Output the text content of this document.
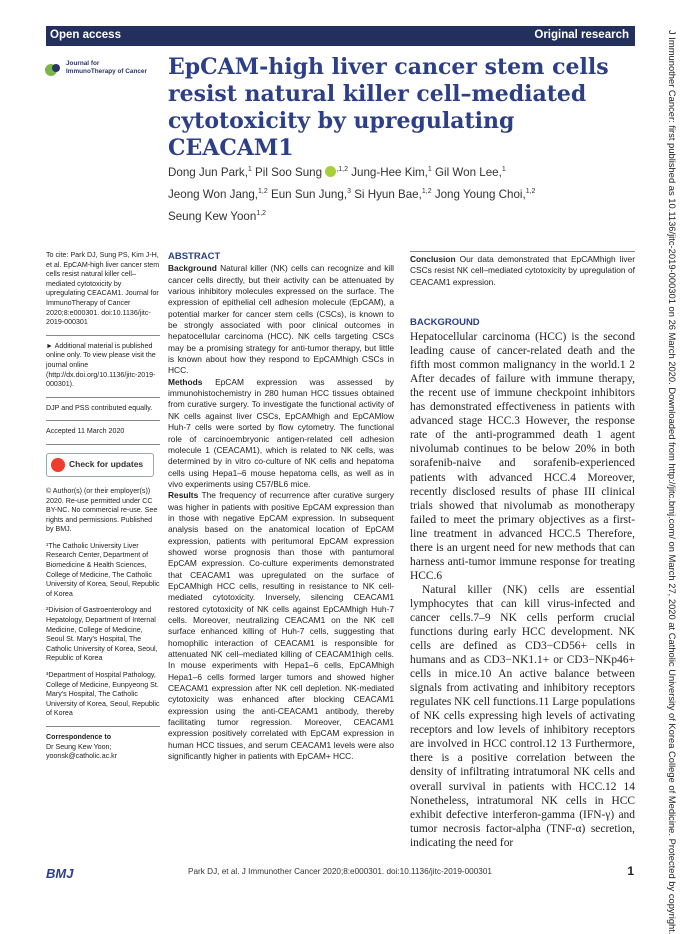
Open access	Original research
Journal for
ImmunoTherapy of Cancer EpCAM-high liver cancer stem cells resist natural killer cell–mediated cytotoxicity by upregulating CEACAM1
Dong Jun Park,$^1$ Pil Soo Sung $^{,1,2}$ Jung-Hee Kim,$^1$ Gil Won Lee,$^1$
Jeong Won Jang,$^{1,2}$ Eun Sun Jung,$^3$ Si Hyun Bae,$^{1,2}$ Jong Young Choi,$^{1,2}$
Seung Kew Yoon$^{1,2}$

To cite: Park DJ, Sung PS, Kim J-H, et al. EpCAM-high liver cancer stem cells resist natural killer cell–mediated cytotoxicity by upregulating CEACAM1. Journal for ImmunoTherapy of Cancer 2020;8:e000301. doi:10.1136/jitc-2019-000301

► Additional material is published online only. To view please visit the journal online (http://dx.doi.org/10.1136/jitc-2019-000301).

DJP and PSS contributed equally.

Accepted 11 March 2020

Check for updates

© Author(s) (or their employer(s)) 2020. Re-use permitted under CC BY-NC. No commercial re-use. See rights and permissions. Published by BMJ.

¹The Catholic University Liver Research Center, Department of Biomedicine & Health Sciences, College of Medicine, The Catholic University of Korea, Seoul, Republic of Korea

²Division of Gastroenterology and Hepatology, Department of Internal Medicine, College of Medicine, Seoul St. Mary's Hospital, The Catholic University of Korea, Seoul, Republic of Korea

³Department of Hospital Pathology, College of Medicine, Eunpyeong St. Mary's Hospital, The Catholic University of Korea, Seoul, Republic of Korea

Correspondence to

Dr Seung Kew Yoon; yoonsk@catholic.ac.kr

ABSTRACT

Background Natural killer (NK) cells can recognize and kill cancer cells directly, but their activity can be attenuated by various inhibitory molecules expressed on the surface. The expression of epithelial cell adhesion molecule (EpCAM), a potential marker for cancer stem cells (CSCs), is known to be strongly associated with poor clinical outcomes in hepatocellular carcinoma (HCC). NK cells targeting CSCs may be a promising strategy for anti-tumor therapy, but little is known about how they respond to EpCAMhigh CSCs in HCC.

Methods EpCAM expression was assessed by immunohistochemistry in 280 human HCC tissues obtained from curative surgery. To investigate the functional activity of NK cells against liver CSCs, EpCAMhigh and EpCAMlow Huh-7 cells were sorted by flow cytometry. The functional role of carcinoembryonic antigen-related cell adhesion molecule 1 (CEACAM1), which is related to NK cells, was determined by in vitro co-culture of NK cells and hepatoma cells using Hepa1–6 mouse hepatoma cells, as well as in vivo experiments using C57/BL6 mice.

Results The frequency of recurrence after curative surgery was higher in patients with positive EpCAM expression than in those with negative EpCAM expression. In subsequent analysis based on the anatomical location of EpCAM expression, patients with peritumoral EpCAM expression showed worse prognosis than those with pantumoral EpCAM expression. Co-culture experiments demonstrated that CEACAM1 was upregulated on the surface of EpCAMhigh HCC cells, resulting in resistance to NK cell-mediated cytotoxicity. Inversely, silencing CEACAM1 restored cytotoxicity of NK cells against EpCAMhigh Huh-7 cells. Moreover, neutralizing CEACAM1 on the NK cell surface enhanced killing of Huh-7 cells, suggesting that homophilic interaction of CEACAM1 is responsible for attenuated NK cell–mediated killing of CEACAM1high cells. In mouse experiments with Hepa1–6 cells, EpCAMhigh Hepa1–6 cells formed larger tumors and showed higher CEACAM1 expression after NK cell depletion. NK-mediated cytotoxicity was enhanced after blocking CEACAM1 expression using the anti-CEACAM1 antibody, thereby facilitating tumor regression. Moreover, CEACAM1 expression positively correlated with EpCAM expression in human HCC tissues, and serum CEACAM1 levels were also significantly higher in patients with EpCAM+ HCC.

Conclusion Our data demonstrated that EpCAMhigh liver CSCs resist NK cell–mediated cytotoxicity by upregulation of CEACAM1 expression.
BACKGROUND

Hepatocellular carcinoma (HCC) is the second leading cause of cancer-related death and the fifth most common malignancy in the world.1 2 After decades of failure with immune therapy, the recent use of immune checkpoint inhibitors has demonstrated effectiveness in patients with advanced stage HCC.3 However, the response rate of the anti-programmed death 1 agent nivolumab continues to be below 20% in both sorafenib-naive and sorafenib-experienced patients with advanced HCC.4 Moreover, recently disclosed results of phase III clinical trials showed that nivolumab as monotherapy failed to meet the primary objectives as a first-line treatment in advanced HCC.5 Therefore, there is an urgent need for new methods that can harness anti-tumor immune response for treating HCC.6

Natural killer (NK) cells are essential lymphocytes that can kill virus-infected and cancer cells.7–9 NK cells perform crucial functions during early HCC development. NK cells are defined as CD3−CD56+ cells in humans and as CD3−NK1.1+ or CD3−NKp46+ cells in mice.10 An active balance between signals from activating and inhibitory receptors regulates NK cell functions.11 Large populations of NK cells expressing high levels of activating receptors and low levels of inhibitory receptors are involved in HCC control.12 13 Furthermore, there is a positive correlation between the density of infiltrating intratumoral NK cells and overall survival in patients with HCC.12 14 Nonetheless, intratumoral NK cells in HCC exhibit defective interferon-gamma (IFN-γ) and tumor necrosis factor-alpha (TNF-α) secretion, indicating the need for	J Immunother Cancer: first published as 10.1136/jitc-2019-000301 on 26 March 2020. Downloaded from http://jitc.bmj.com/ on March 27, 2020 at Catholic University of Korea College of Medicine. Protected by copyright.
BMJ	Park DJ, et al. J Immunother Cancer 2020;8:e000301. doi:10.1136/jitc-2019-000301	1
